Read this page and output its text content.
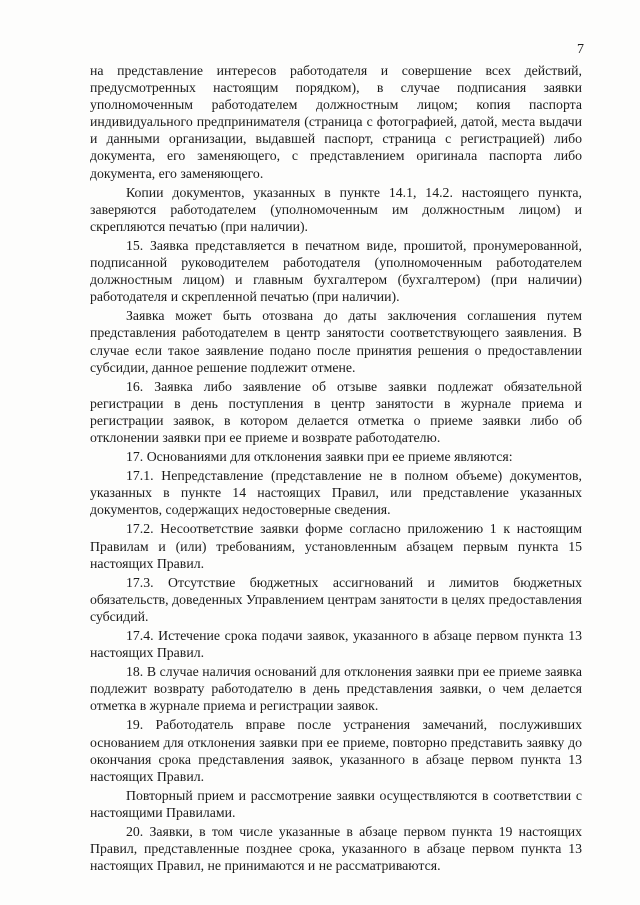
7

на представление интересов работодателя и совершение всех действий, предусмотренных настоящим порядком), в случае подписания заявки уполномоченным работодателем должностным лицом; копия паспорта индивидуального предпринимателя (страница с фотографией, датой, места выдачи и данными организации, выдавшей паспорт, страница с регистрацией) либо документа, его заменяющего, с представлением оригинала паспорта либо документа, его заменяющего.

Копии документов, указанных в пункте 14.1, 14.2. настоящего пункта, заверяются работодателем (уполномоченным им должностным лицом) и скрепляются печатью (при наличии).

15. Заявка представляется в печатном виде, прошитой, пронумерованной, подписанной руководителем работодателя (уполномоченным работодателем должностным лицом) и главным бухгалтером (бухгалтером) (при наличии) работодателя и скрепленной печатью (при наличии).

Заявка может быть отозвана до даты заключения соглашения путем представления работодателем в центр занятости соответствующего заявления. В случае если такое заявление подано после принятия решения о предоставлении субсидии, данное решение подлежит отмене.

16. Заявка либо заявление об отзыве заявки подлежат обязательной регистрации в день поступления в центр занятости в журнале приема и регистрации заявок, в котором делается отметка о приеме заявки либо об отклонении заявки при ее приеме и возврате работодателю.

17. Основаниями для отклонения заявки при ее приеме являются:

17.1. Непредставление (представление не в полном объеме) документов, указанных в пункте 14 настоящих Правил, или представление указанных документов, содержащих недостоверные сведения.

17.2. Несоответствие заявки форме согласно приложению 1 к настоящим Правилам и (или) требованиям, установленным абзацем первым пункта 15 настоящих Правил.

17.3. Отсутствие бюджетных ассигнований и лимитов бюджетных обязательств, доведенных Управлением центрам занятости в целях предоставления субсидий.

17.4. Истечение срока подачи заявок, указанного в абзаце первом пункта 13 настоящих Правил.

18. В случае наличия оснований для отклонения заявки при ее приеме заявка подлежит возврату работодателю в день представления заявки, о чем делается отметка в журнале приема и регистрации заявок.

19. Работодатель вправе после устранения замечаний, послуживших основанием для отклонения заявки при ее приеме, повторно представить заявку до окончания срока представления заявок, указанного в абзаце первом пункта 13 настоящих Правил.

Повторный прием и рассмотрение заявки осуществляются в соответствии с настоящими Правилами.

20. Заявки, в том числе указанные в абзаце первом пункта 19 настоящих Правил, представленные позднее срока, указанного в абзаце первом пункта 13 настоящих Правил, не принимаются и не рассматриваются.
